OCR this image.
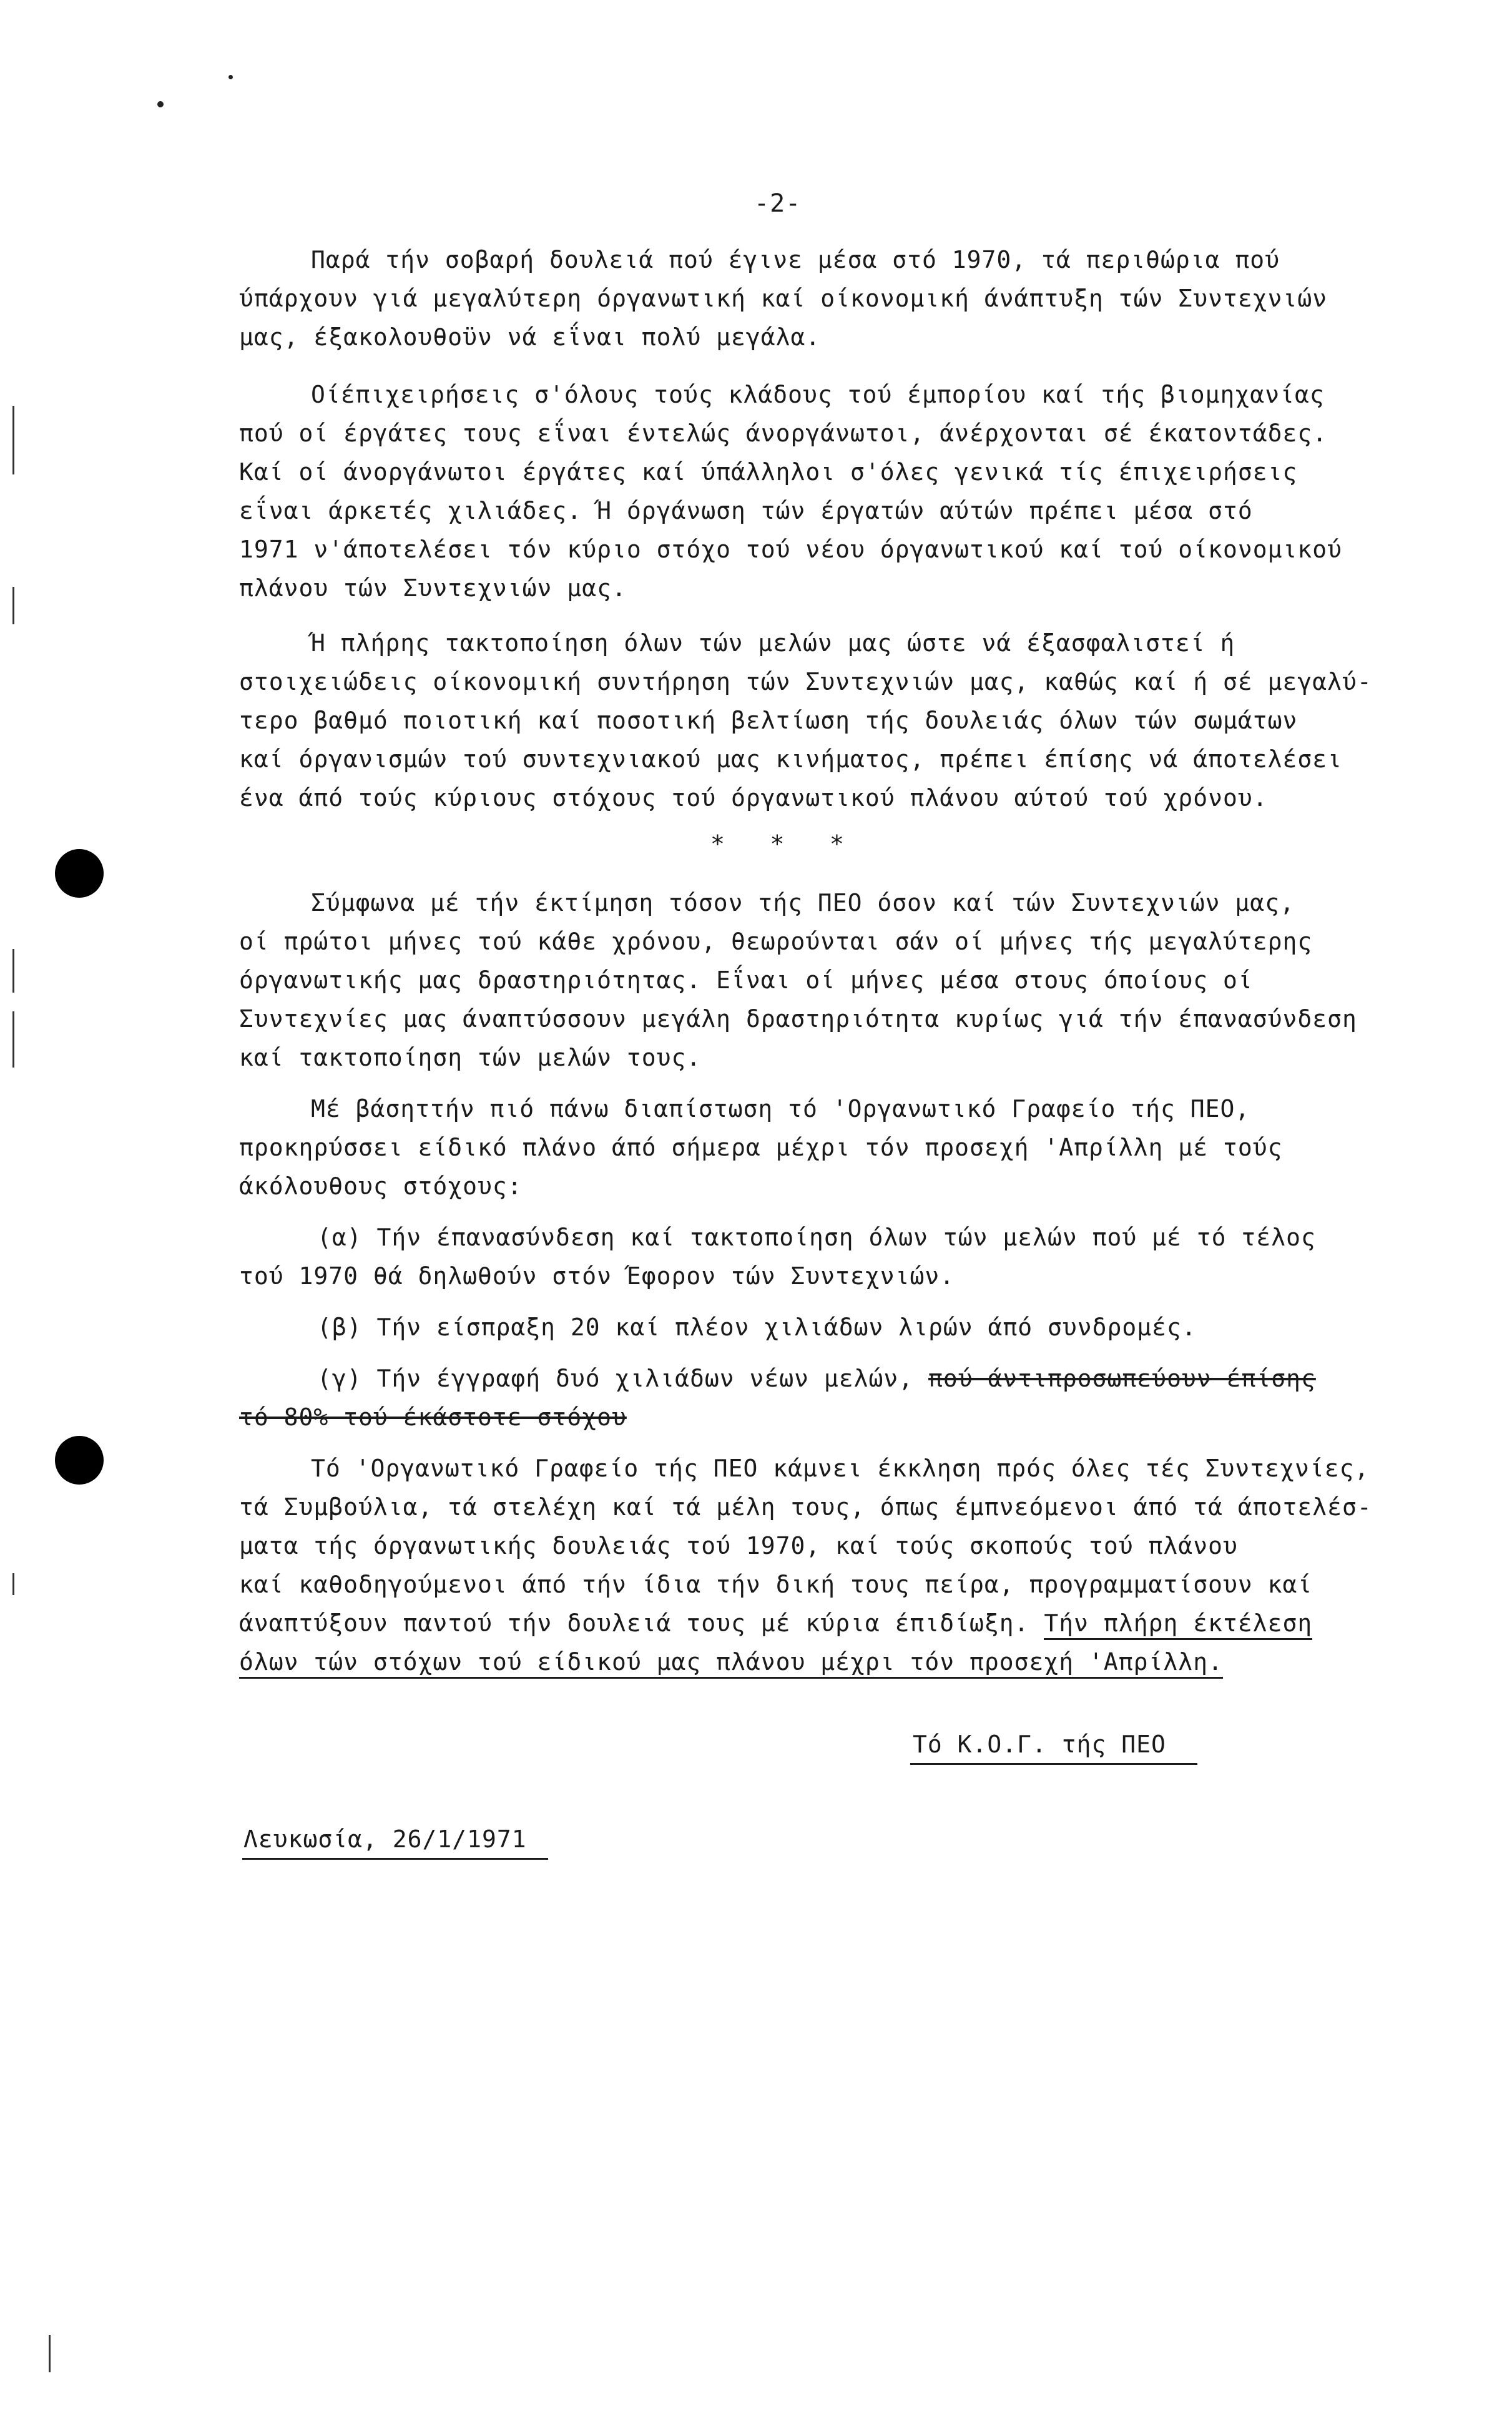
-2-
Παρά τήν σοβαρή δουλειά πού έγινε μέσα στό 1970, τά περιθώρια πού
ύπάρχουν γιά μεγαλύτερη όργανωτική καί οίκονομική άνάπτυξη τών Συντεχνιών
μας, έξακολουθοϋν νά εΐναι πολύ μεγάλα.
Οίέπιχειρήσεις σ'όλους τούς κλάδους τού έμπορίου καί τής βιομηχανίας
πού οί έργάτες τους εΐναι έντελώς άνοργάνωτοι, άνέρχονται σέ έκατοντάδες.
Καί οί άνοργάνωτοι έργάτες καί ύπάλληλοι σ'όλες γενικά τίς έπιχειρήσεις
εΐναι άρκετές χιλιάδες. Ή όργάνωση τών έργατών αύτών πρέπει μέσα στό
1971 ν'άποτελέσει τόν κύριο στόχο τού νέου όργανωτικού καί τού οίκονομικού
πλάνου τών Συντεχνιών μας.
Ή πλήρης τακτοποίηση όλων τών μελών μας ώστε νά έξασφαλιστεί ή
στοιχειώδεις οίκονομική συντήρηση τών Συντεχνιών μας, καθώς καί ή σέ μεγαλύ-
τερο βαθμό ποιοτική καί ποσοτική βελτίωση τής δουλειάς όλων τών σωμάτων
καί όργανισμών τού συντεχνιακού μας κινήματος, πρέπει έπίσης νά άποτελέσει
ένα άπό τούς κύριους στόχους τού όργανωτικού πλάνου αύτού τού χρόνου.
*   *   *
Σύμφωνα μέ τήν έκτίμηση τόσον τής ΠΕΟ όσον καί τών Συντεχνιών μας,
οί πρώτοι μήνες τού κάθε χρόνου, θεωρούνται σάν οί μήνες τής μεγαλύτερης
όργανωτικής μας δραστηριότητας. Εΐναι οί μήνες μέσα στους όποίους οί
Συντεχνίες μας άναπτύσσουν μεγάλη δραστηριότητα κυρίως γιά τήν έπανασύνδεση
καί τακτοποίηση τών μελών τους.
Μέ βάσηττήν πιό πάνω διαπίστωση τό 'Οργανωτικό Γραφείο τής ΠΕΟ,
προκηρύσσει είδικό πλάνο άπό σήμερα μέχρι τόν προσεχή 'Απρίλλη μέ τούς
άκόλουθους στόχους:
(α) Τήν έπανασύνδεση καί τακτοποίηση όλων τών μελών πού μέ τό τέλος
τού 1970 θά δηλωθούν στόν Έφορον τών Συντεχνιών.
(β) Τήν είσπραξη 20 καί πλέον χιλιάδων λιρών άπό συνδρομές.
(γ) Τήν έγγραφή δυό χιλιάδων νέων μελών, πού άντιπροσωπεύουν έπίσης
τό 80% τού έκάστοτε στόχου
Τό 'Οργανωτικό Γραφείο τής ΠΕΟ κάμνει έκκληση πρός όλες τές Συντεχνίες,
τά Συμβούλια, τά στελέχη καί τά μέλη τους, όπως έμπνεόμενοι άπό τά άποτελέσ-
ματα τής όργανωτικής δουλειάς τού 1970, καί τούς σκοπούς τού πλάνου
καί καθοδηγούμενοι άπό τήν ίδια τήν δική τους πείρα, προγραμματίσουν καί
άναπτύξουν παντού τήν δουλειά τους μέ κύρια έπιδίωξη. Τήν πλήρη έκτέλεση
όλων τών στόχων τού είδικού μας πλάνου μέχρι τόν προσεχή 'Απρίλλη.
Τό Κ.Ο.Γ. τής ΠΕΟ
Λευκωσία, 26/1/1971
